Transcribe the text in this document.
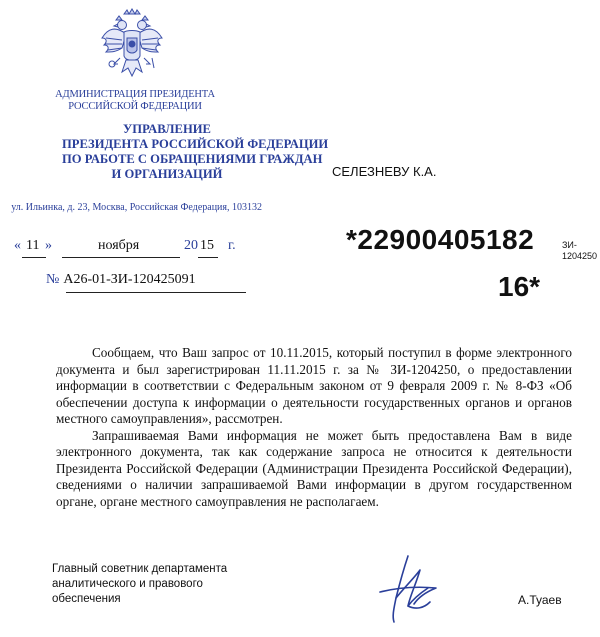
АДМИНИСТРАЦИЯ ПРЕЗИДЕНТА
РОССИЙСКОЙ ФЕДЕРАЦИИ
УПРАВЛЕНИЕ
ПРЕЗИДЕНТА РОССИЙСКОЙ ФЕДЕРАЦИИ
ПО РАБОТЕ С ОБРАЩЕНИЯМИ ГРАЖДАН
И ОРГАНИЗАЦИЙ
ул. Ильинка, д. 23, Москва, Российская Федерация, 103132
СЕЛЕЗНЕВУ К.А.
« 11 »	ноября	20 15 г.
№ А26-01-ЗИ-120425091
*22900405182
16*
ЗИ-
1204250

Сообщаем, что Ваш запрос от 10.11.2015, который поступил в форме электронного документа и был зарегистрирован 11.11.2015 г. за № ЗИ-1204250, о предоставлении информации в соответствии с Федеральным законом от 9 февраля 2009 г. № 8-ФЗ «Об обеспечении доступа к информации о деятельности государственных органов и органов местного самоуправления», рассмотрен.

Запрашиваемая Вами информация не может быть предоставлена Вам в виде электронного документа, так как содержание запроса не относится к деятельности Президента Российской Федерации (Администрации Президента Российской Федерации), сведениями о наличии запрашиваемой Вами информации в другом государственном органе, органе местного самоуправления не располагаем.

Главный советник департамента
аналитического и правового
обеспечения	А.Туаев
